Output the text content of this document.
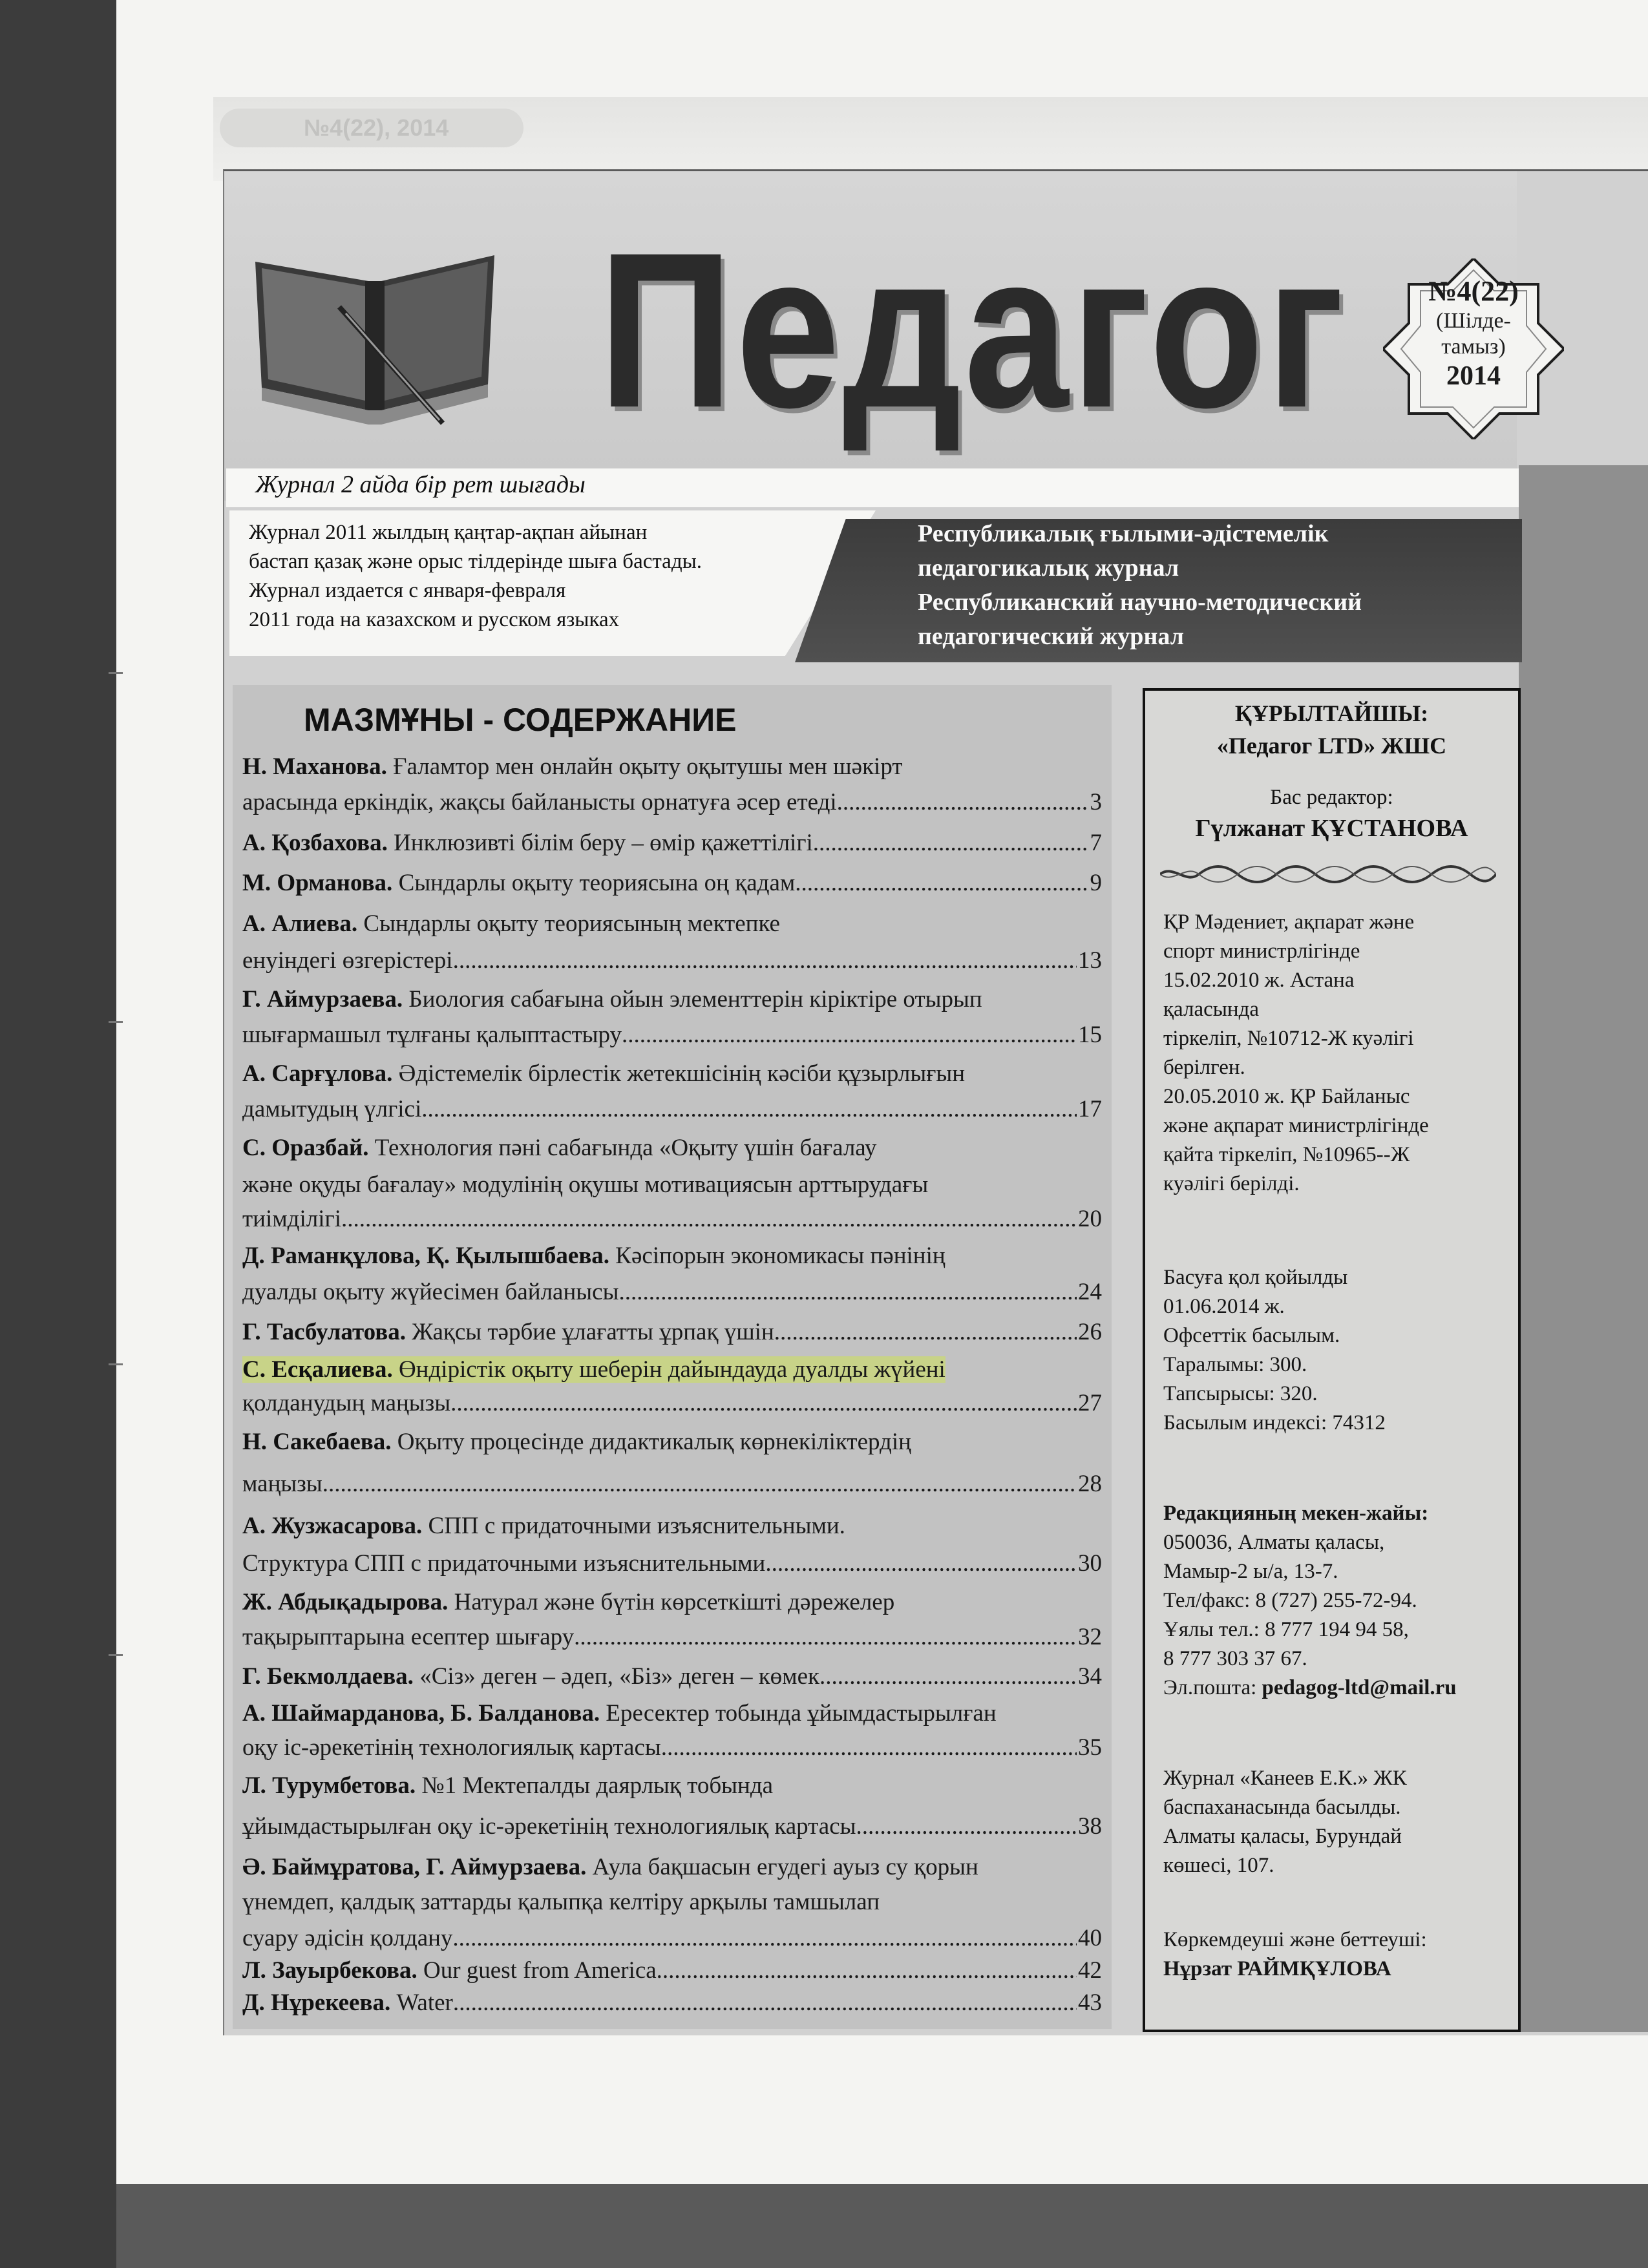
№4(22), 2014
Педагог	№4(22)
(Шілде-тамыз)
2014
Журнал 2 айда бір рет шығады
Журнал 2011 жылдың қаңтар-ақпан айынан
бастап қазақ және орыс тілдерінде шыға бастады.
Журнал издается с января-февраля
2011 года на казахском и русском языках
Республикалық ғылыми-әдістемелік
педагогикалық журнал
Республиканский научно-методический
педагогический журнал
МАЗМҰНЫ - СОДЕРЖАНИЕ
Н. Маханова. Ғаламтор мен онлайн оқыту оқытушы мен шәкірт
арасында еркіндік, жақсы байланысты орнатуға әсер етеді .....	3
А. Қозбахова. Инклюзивті білім беру – өмір қажеттілігі .....	7
М. Орманова. Сындарлы оқыту теориясына оң қадам .....	9
А. Алиева. Сындарлы оқыту теориясының мектепке
енуіндегі өзгерістері .....	13
Г. Аймурзаева. Биология сабағына ойын элементтерін кіріктіре отырып
шығармашыл тұлғаны қалыптастыру .....	15
А. Сарғұлова. Әдістемелік бірлестік жетекшісінің кәсіби құзырлығын
дамытудың үлгісі .....	17
С. Оразбай. Технология пәні сабағында «Оқыту үшін бағалау
және оқуды бағалау» модулінің оқушы мотивациясын арттырудағы
тиімділігі .....	20
Д. Раманқұлова, Қ. Қылышбаева. Кәсіпорын экономикасы пәнінің
дуалды оқыту жүйесімен байланысы .....	24
Г. Тасбулатова. Жақсы тәрбие ұлағатты ұрпақ үшін .....	26
С. Есқалиева. Өндірістік оқыту шеберін дайындауда дуалды жүйені
қолданудың маңызы .....	27
Н. Сакебаева. Оқыту процесінде дидактикалық көрнекіліктердің
маңызы .....	28
А. Жузжасарова. СПП с придаточными изъяснительными.
Структура СПП с придаточными изъяснительными .....	30
Ж. Абдықадырова. Натурал және бүтін көрсеткішті дәрежелер
тақырыптарына есептер шығару .....	32
Г. Бекмолдаева. «Сіз» деген – әдеп, «Біз» деген – көмек .....	34
А. Шаймарданова, Б. Балданова. Ересектер тобында ұйымдастырылған
оқу іс-әрекетінің технологиялық картасы .....	35
Л. Турумбетова. №1 Мектепалды даярлық тобында
ұйымдастырылған оқу іс-әрекетінің технологиялық картасы .....	38
Ә. Баймұратова, Г. Аймурзаева. Аула бақшасын егудегі ауыз су қорын
үнемдеп, қалдық заттарды қалыпқа келтіру арқылы тамшылап
суару әдісін қолдану .....	40
Л. Зауырбекова. Our guest from America .....	42
Д. Нұрекеева. Water .....	43
ҚҰРЫЛТАЙШЫ:
«Педагог LTD» ЖШС
Бас редактор:
Гүлжанат ҚҰСТАНОВА
ҚР Мәдениет, ақпарат және
спорт министрлігінде
15.02.2010 ж. Астана
қаласында
тіркеліп, №10712-Ж куәлігі
берілген.
20.05.2010 ж. ҚР Байланыс
және ақпарат министрлігінде
қайта тіркеліп, №10965--Ж
куәлігі берілді.
Басуға қол қойылды
01.06.2014 ж.
Офсеттік басылым.
Таралымы: 300.
Тапсырысы: 320.
Басылым индексі: 74312
Редакцияның мекен-жайы:
050036, Алматы қаласы,
Мамыр-2 ы/а, 13-7.
Тел/факс: 8 (727) 255-72-94.
Ұялы тел.: 8 777 194 94 58,
8 777 303 37 67.
Эл.пошта: pedagog-ltd@mail.ru
Журнал «Канеев Е.К.» ЖК
баспаханасында басылды.
Алматы қаласы, Бурундай
көшесі, 107.
Көркемдеуші және беттеуші:
Нұрзат РАЙМҚҰЛОВА
